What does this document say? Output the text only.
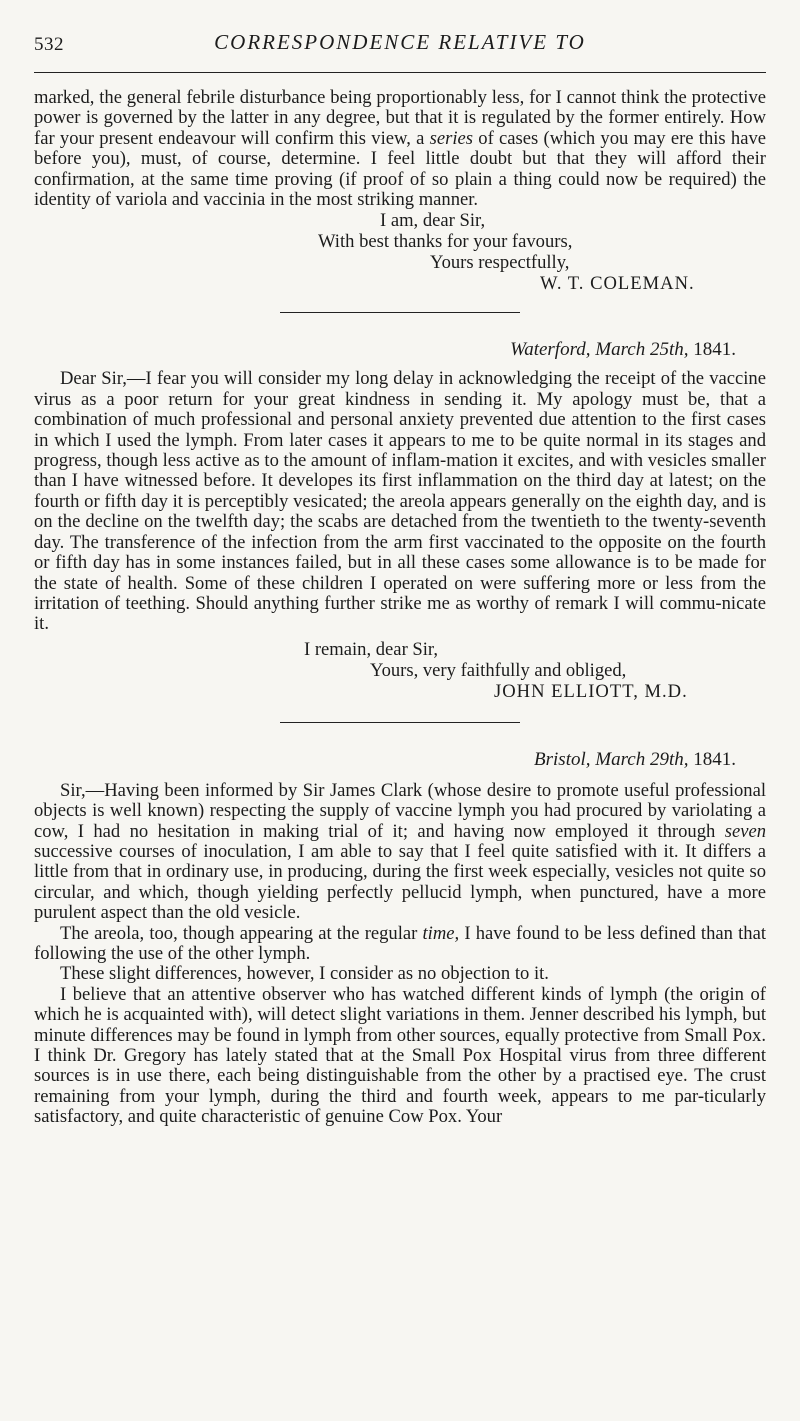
532	CORRESPONDENCE RELATIVE TO

marked, the general febrile disturbance being proportionably less, for I cannot think the protective power is governed by the latter in any degree, but that it is regulated by the former entirely. How far your present endeavour will confirm this view, a series of cases (which you may ere this have before you), must, of course, determine. I feel little doubt but that they will afford their confirmation, at the same time proving (if proof of so plain a thing could now be required) the identity of variola and vaccinia in the most striking manner.

I am, dear Sir,
With best thanks for your favours,
Yours respectfully,
W. T. COLEMAN.

Waterford, March 25th, 1841.

Dear Sir,—I fear you will consider my long delay in acknowledging the receipt of the vaccine virus as a poor return for your great kindness in sending it. My apology must be, that a combination of much professional and personal anxiety prevented due attention to the first cases in which I used the lymph. From later cases it appears to me to be quite normal in its stages and progress, though less active as to the amount of inflam-mation it excites, and with vesicles smaller than I have witnessed before. It developes its first inflammation on the third day at latest; on the fourth or fifth day it is perceptibly vesicated; the areola appears generally on the eighth day, and is on the decline on the twelfth day; the scabs are detached from the twentieth to the twenty-seventh day. The transference of the infection from the arm first vaccinated to the opposite on the fourth or fifth day has in some instances failed, but in all these cases some allowance is to be made for the state of health. Some of these children I operated on were suffering more or less from the irritation of teething. Should anything further strike me as worthy of remark I will commu-nicate it.

I remain, dear Sir,
Yours, very faithfully and obliged,
JOHN ELLIOTT, M.D.

Bristol, March 29th, 1841.

Sir,—Having been informed by Sir James Clark (whose desire to promote useful professional objects is well known) respecting the supply of vaccine lymph you had procured by variolating a cow, I had no hesitation in making trial of it; and having now employed it through seven successive courses of inoculation, I am able to say that I feel quite satisfied with it. It differs a little from that in ordinary use, in producing, during the first week especially, vesicles not quite so circular, and which, though yielding perfectly pellucid lymph, when punctured, have a more purulent aspect than the old vesicle.

The areola, too, though appearing at the regular time, I have found to be less defined than that following the use of the other lymph.

These slight differences, however, I consider as no objection to it.

I believe that an attentive observer who has watched different kinds of lymph (the origin of which he is acquainted with), will detect slight variations in them. Jenner described his lymph, but minute differences may be found in lymph from other sources, equally protective from Small Pox. I think Dr. Gregory has lately stated that at the Small Pox Hospital virus from three different sources is in use there, each being distinguishable from the other by a practised eye. The crust remaining from your lymph, during the third and fourth week, appears to me par-ticularly satisfactory, and quite characteristic of genuine Cow Pox. Your
